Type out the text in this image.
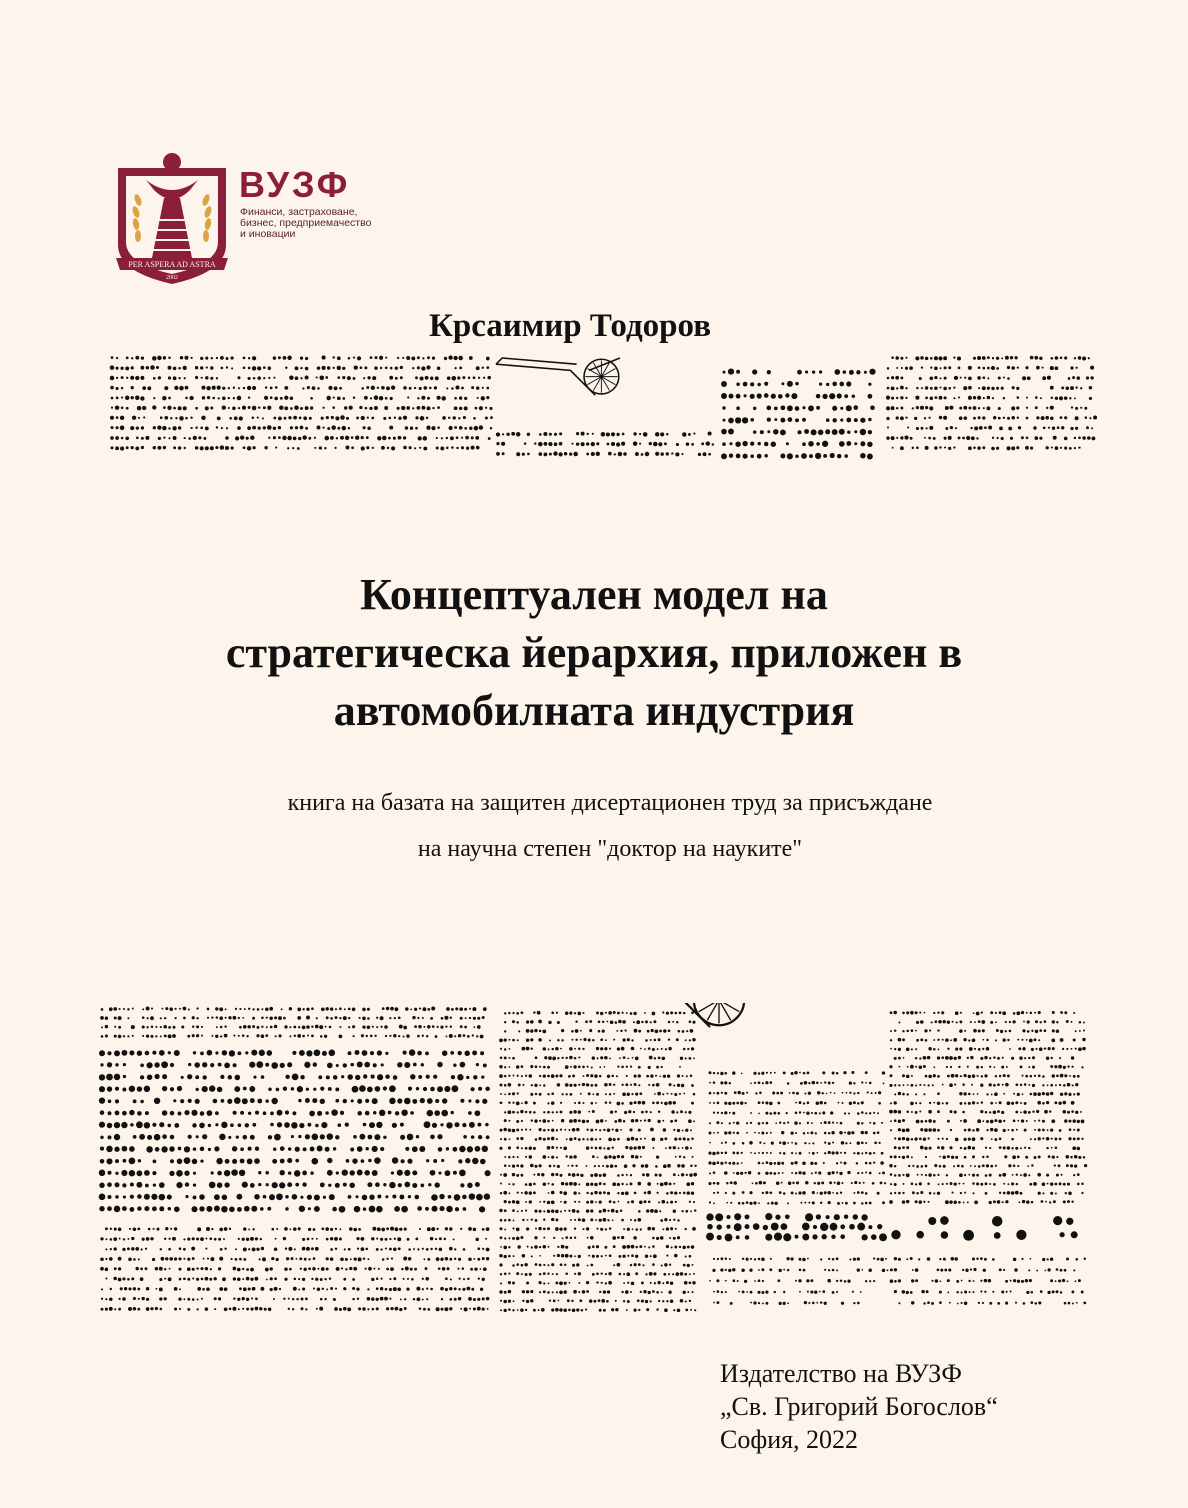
PER ASPERA AD ASTRA
2002
ВУЗФ
Финанси, застраховане,
бизнес, предприемачество
и иновации
Крсаимир Тодоров
Концептуален модел на
стратегическа йерархия, приложен в
автомобилната индустрия

книга на базата на защитен дисертационен труд за присъждане
на научна степен "доктор на науките"

Издателство на ВУЗФ
„Св. Григорий Богослов“
София, 2022
